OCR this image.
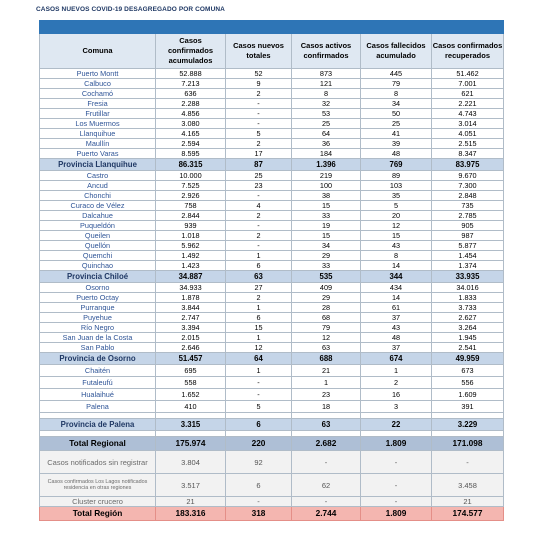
CASOS NUEVOS COVID-19 DESAGREGADO POR COMUNA

Comuna	Casos confirmados acumulados	Casos nuevos totales	Casos activos confirmados	Casos fallecidos acumulado	Casos confirmados recuperados
Puerto Montt	52.888	52	873	445	51.462
Calbuco	7.213	9	121	79	7.001
Cochamó	636	2	8	8	621
Fresia	2.288	-	32	34	2.221
Frutillar	4.856	-	53	50	4.743
Los Muermos	3.080	-	25	25	3.014
Llanquihue	4.165	5	64	41	4.051
Maullín	2.594	2	36	39	2.515
Puerto Varas	8.595	17	184	48	8.347
Provincia Llanquihue	86.315	87	1.396	769	83.975
Castro	10.000	25	219	89	9.670
Ancud	7.525	23	100	103	7.300
Chonchi	2.926	-	38	35	2.848
Curaco de Vélez	758	4	15	5	735
Dalcahue	2.844	2	33	20	2.785
Puqueldón	939	-	19	12	905
Queilen	1.018	2	15	15	987
Quellón	5.962	-	34	43	5.877
Quemchi	1.492	1	29	8	1.454
Quinchao	1.423	6	33	14	1.374
Provincia Chiloé	34.887	63	535	344	33.935
Osorno	34.933	27	409	434	34.016
Puerto Octay	1.878	2	29	14	1.833
Purranque	3.844	1	28	61	3.733
Puyehue	2.747	6	68	37	2.627
Río Negro	3.394	15	79	43	3.264
San Juan de la Costa	2.015	1	12	48	1.945
San Pablo	2.646	12	63	37	2.541
Provincia de Osorno	51.457	64	688	674	49.959
Chaitén	695	1	21	1	673
Futaleufú	558	-	1	2	556
Hualaihué	1.652	-	23	16	1.609
Palena	410	5	18	3	391

Provincia de Palena	3.315	6	63	22	3.229

Total Regional	175.974	220	2.682	1.809	171.098
Casos notificados sin registrar	3.804	92	-	-	-
Casos confirmados Los Lagos notificados residencia en otras regiones	3.517	6	62	-	3.458
Cluster crucero	21	-	-	-	21
Total Región	183.316	318	2.744	1.809	174.577
